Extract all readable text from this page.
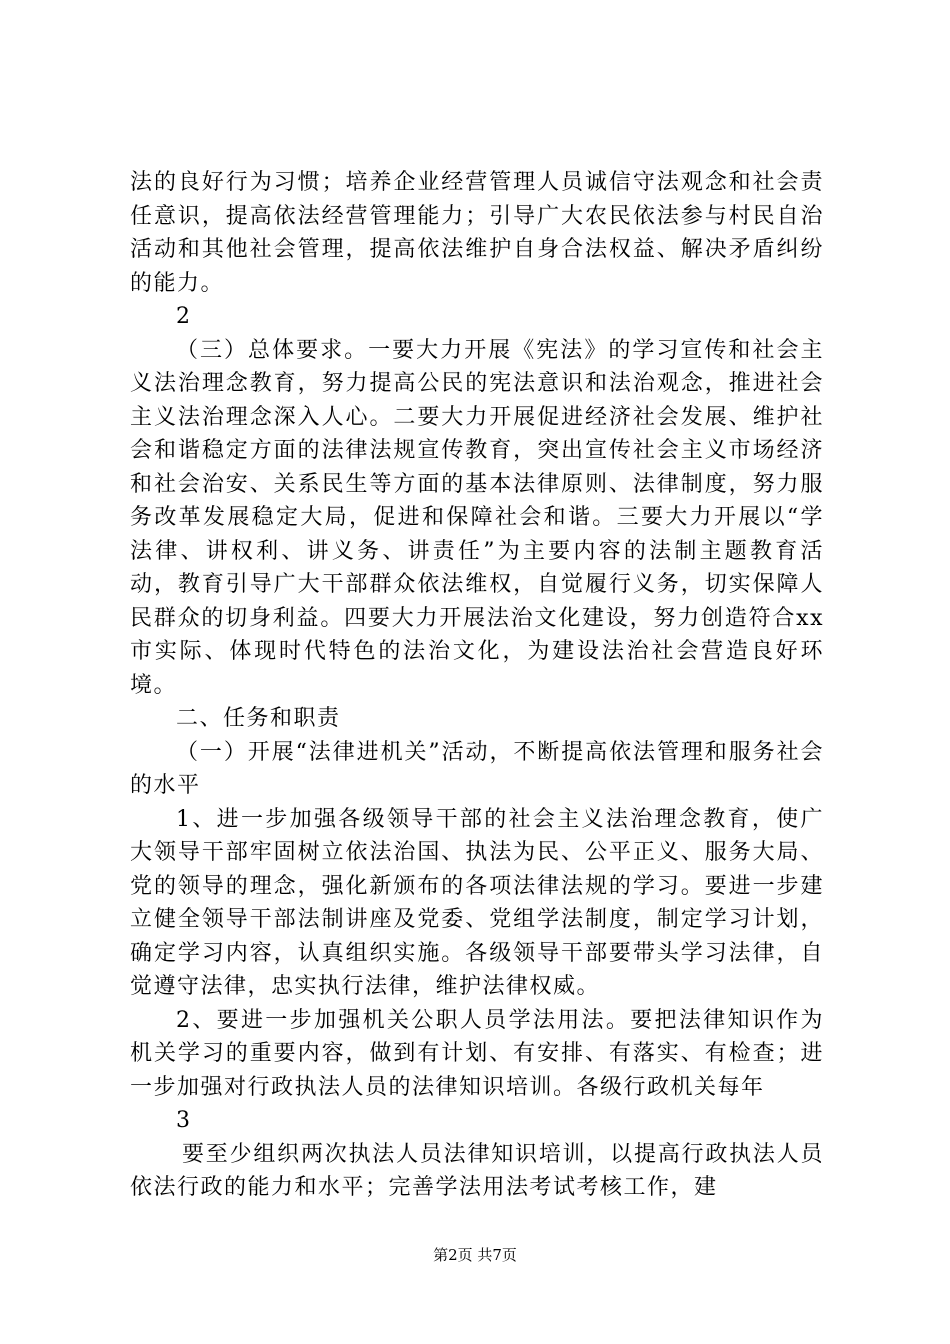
法的良好行为习惯；培养企业经营管理人员诚信守法观念和社会责任意识，提高依法经营管理能力；引导广大农民依法参与村民自治活动和其他社会管理，提高依法维护自身合法权益、解决矛盾纠纷的能力。

2

（三）总体要求。一要大力开展《宪法》的学习宣传和社会主义法治理念教育，努力提高公民的宪法意识和法治观念，推进社会主义法治理念深入人心。二要大力开展促进经济社会发展、维护社会和谐稳定方面的法律法规宣传教育，突出宣传社会主义市场经济和社会治安、关系民生等方面的基本法律原则、法律制度，努力服务改革发展稳定大局，促进和保障社会和谐。三要大力开展以“学法律、讲权利、讲义务、讲责任”为主要内容的法制主题教育活动，教育引导广大干部群众依法维权，自觉履行义务，切实保障人民群众的切身利益。四要大力开展法治文化建设，努力创造符合xx市实际、体现时代特色的法治文化，为建设法治社会营造良好环境。

二、任务和职责

（一）开展“法律进机关”活动，不断提高依法管理和服务社会的水平

1、进一步加强各级领导干部的社会主义法治理念教育，使广大领导干部牢固树立依法治国、执法为民、公平正义、服务大局、党的领导的理念，强化新颁布的各项法律法规的学习。要进一步建立健全领导干部法制讲座及党委、党组学法制度，制定学习计划，确定学习内容，认真组织实施。各级领导干部要带头学习法律，自觉遵守法律，忠实执行法律，维护法律权威。

2、要进一步加强机关公职人员学法用法。要把法律知识作为机关学习的重要内容，做到有计划、有安排、有落实、有检查；进一步加强对行政执法人员的法律知识培训。各级行政机关每年

3

要至少组织两次执法人员法律知识培训，以提高行政执法人员依法行政的能力和水平；完善学法用法考试考核工作，建

第2页 共7页
